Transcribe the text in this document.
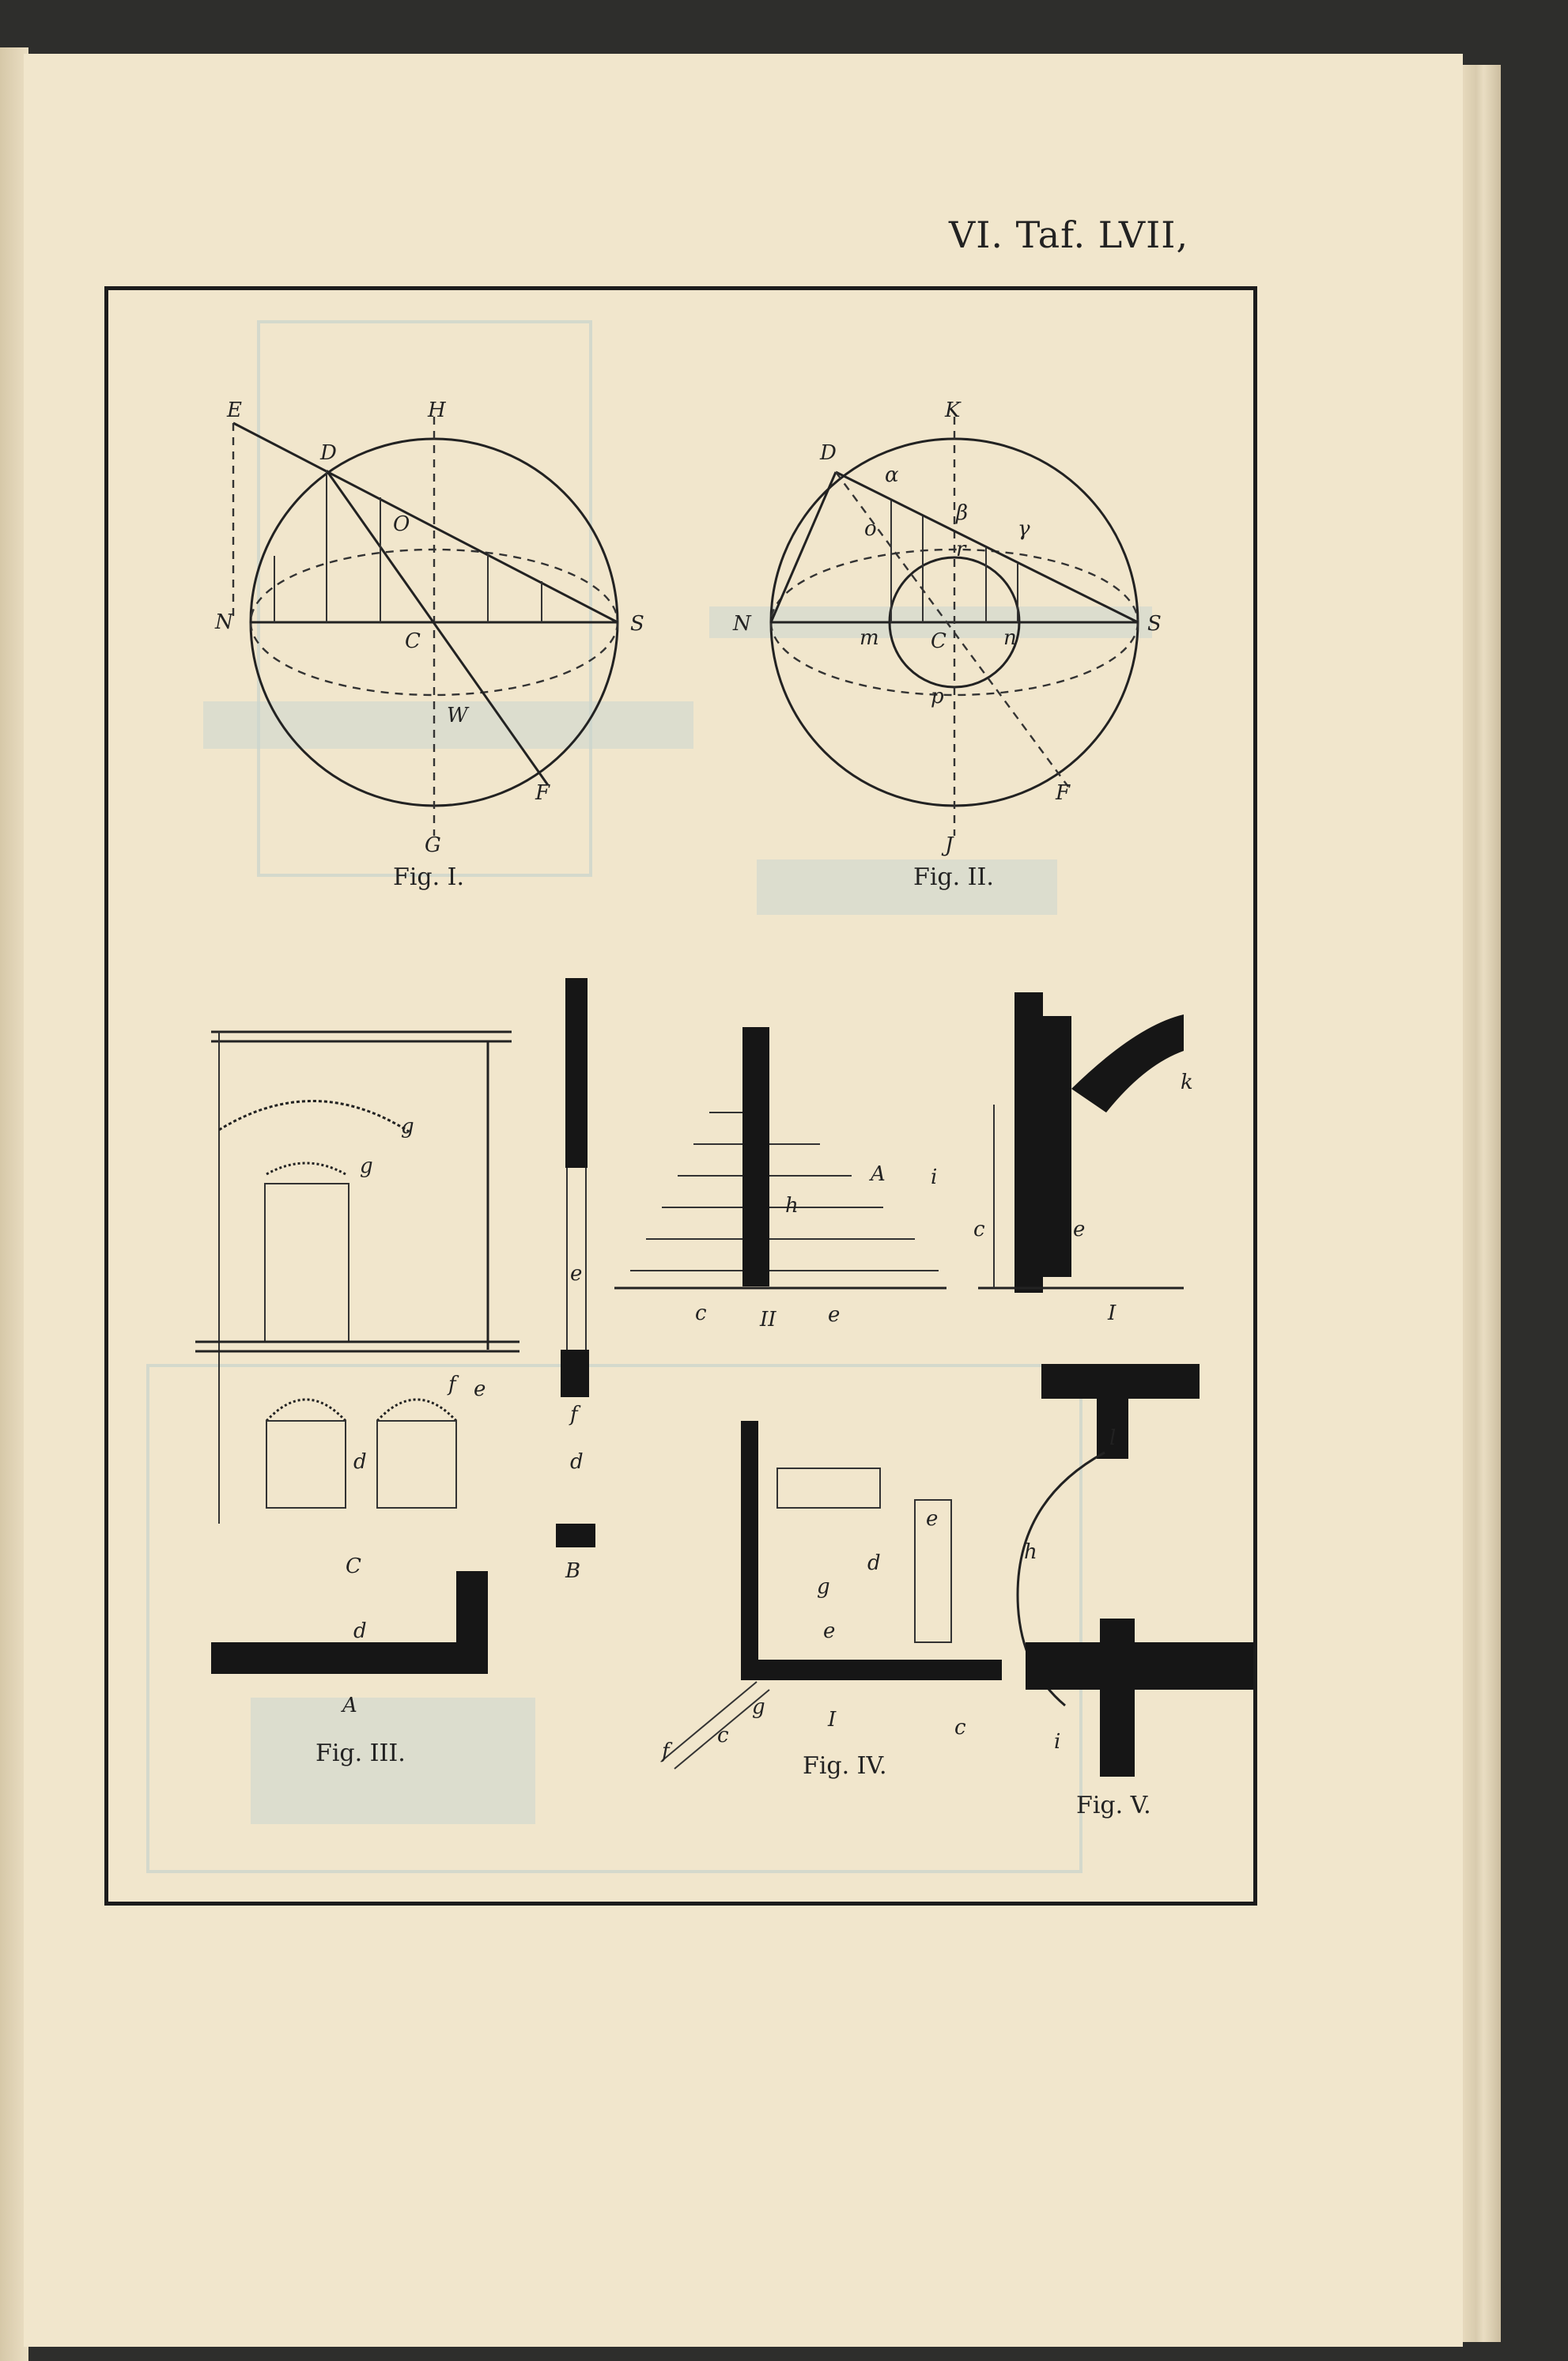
VI. Taf. LVII,
E	H
D
O
N
C
S
W
F
G
Fig. I.
K
D
α
β
γ
o
r
N
m	C	n
S
p
F
J
Fig. II.
g
g
f e
e
d
f
d
C	B
d
A
Fig. III.
A
h
i
c	II	e
e
d
g
e
g
c
f
I	c
Fig. IV.
k
c	e
I
l
h
i
Fig. V.
